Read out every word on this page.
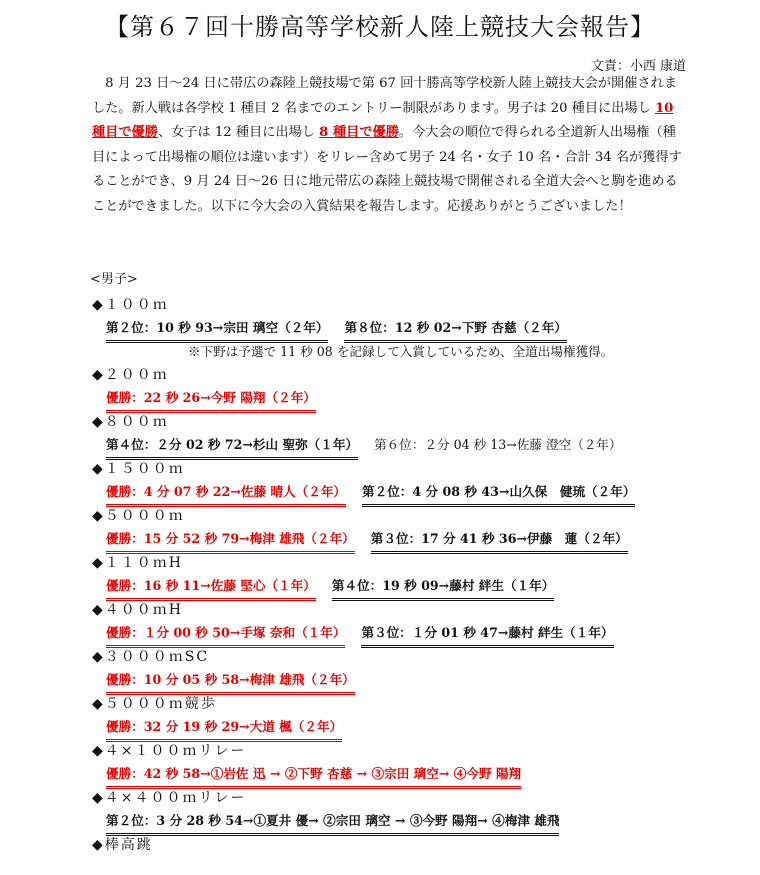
【第６７回十勝高等学校新人陸上競技大会報告】
文責：小西 康道

　8 月 23 日～24 日に帯広の森陸上競技場で第 67 回十勝高等学校新人陸上競技大会が開催されました。新人戦は各学校 1 種目 2 名までのエントリー制限があります。男子は 20 種目に出場し 10 種目で優勝、女子は 12 種目に出場し 8 種目で優勝。今大会の順位で得られる全道新人出場権（種目によって出場権の順位は違います）をリレー含めて男子 24 名・女子 10 名・合計 34 名が獲得することができ、9 月 24 日～26 日に地元帯広の森陸上競技場で開催される全道大会へと駒を進めることができました。以下に今大会の入賞結果を報告します。応援ありがとうございました！

<男子>
◆１００ｍ
第２位：10 秒 93→宗田 璃空（２年） 第８位：12 秒 02→下野 杏慈（２年）
※下野は予選で 11 秒 08 を記録して入賞しているため、全道出場権獲得。
◆２００ｍ
優勝：22 秒 26→今野 陽翔（２年）
◆８００ｍ
第４位：２分 02 秒 72→杉山 聖弥（１年） 第６位：２分 04 秒 13→佐藤 澄空（２年）
◆１５００ｍ
優勝：4 分 07 秒 22→佐藤 晴人（２年） 第２位：4 分 08 秒 43→山久保　健琉（２年）
◆５０００ｍ
優勝：15 分 52 秒 79→梅津 雄飛（２年） 第３位：17 分 41 秒 36→伊藤　蓮（２年）
◆１１０ｍH
優勝：16 秒 11→佐藤 堅心（１年） 第４位：19 秒 09→藤村 絆生（１年）
◆４００ｍH
優勝：１分 00 秒 50→手塚 奈和（１年） 第３位：１分 01 秒 47→藤村 絆生（１年）
◆３０００ｍSC
優勝：10 分 05 秒 58→梅津 雄飛（２年）
◆５０００ｍ競歩
優勝：32 分 19 秒 29→大道 楓（２年）
◆４×１００ｍリレー
優勝：42 秒 58→①岩佐 迅 → ②下野 杏慈 → ③宗田 璃空→ ④今野 陽翔
◆４×４００ｍリレー
第２位：3 分 28 秒 54→①夏井 優→ ②宗田 璃空 → ③今野 陽翔→ ④梅津 雄飛
◆棒高跳
